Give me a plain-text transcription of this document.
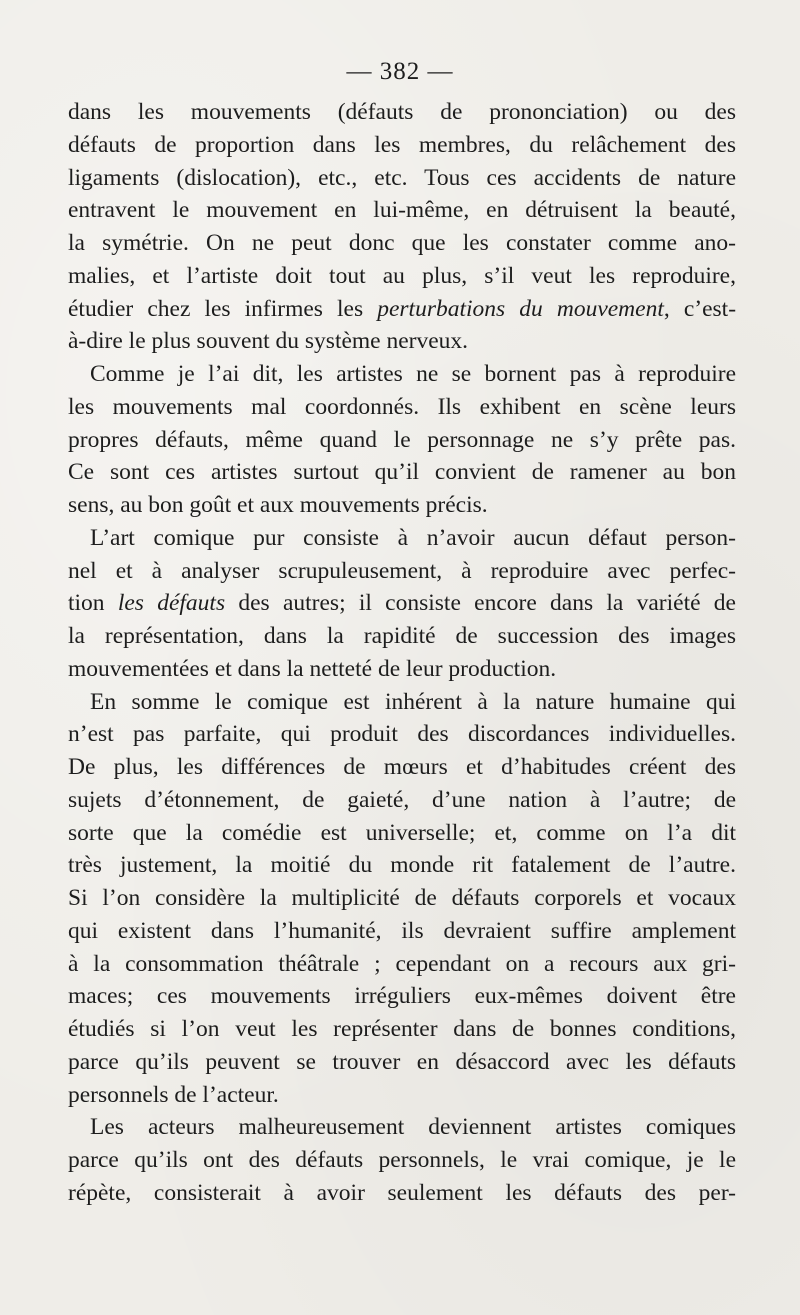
— 382 —
dans les mouvements (défauts de prononciation) ou des
défauts de proportion dans les membres, du relâchement des
ligaments (dislocation), etc., etc. Tous ces accidents de nature
entravent le mouvement en lui-même, en détruisent la beauté,
la symétrie. On ne peut donc que les constater comme ano-
malies, et l’artiste doit tout au plus, s’il veut les reproduire,
étudier chez les infirmes les perturbations du mouvement, c’est-
à-dire le plus souvent du système nerveux.
Comme je l’ai dit, les artistes ne se bornent pas à reproduire
les mouvements mal coordonnés. Ils exhibent en scène leurs
propres défauts, même quand le personnage ne s’y prête pas.
Ce sont ces artistes surtout qu’il convient de ramener au bon
sens, au bon goût et aux mouvements précis.
L’art comique pur consiste à n’avoir aucun défaut person-
nel et à analyser scrupuleusement, à reproduire avec perfec-
tion les défauts des autres; il consiste encore dans la variété de
la représentation, dans la rapidité de succession des images
mouvementées et dans la netteté de leur production.
En somme le comique est inhérent à la nature humaine qui
n’est pas parfaite, qui produit des discordances individuelles.
De plus, les différences de mœurs et d’habitudes créent des
sujets d’étonnement, de gaieté, d’une nation à l’autre; de
sorte que la comédie est universelle; et, comme on l’a dit
très justement, la moitié du monde rit fatalement de l’autre.
Si l’on considère la multiplicité de défauts corporels et vocaux
qui existent dans l’humanité, ils devraient suffire amplement
à la consommation théâtrale ; cependant on a recours aux gri-
maces; ces mouvements irréguliers eux-mêmes doivent être
étudiés si l’on veut les représenter dans de bonnes conditions,
parce qu’ils peuvent se trouver en désaccord avec les défauts
personnels de l’acteur.
Les acteurs malheureusement deviennent artistes comiques
parce qu’ils ont des défauts personnels, le vrai comique, je le
répète, consisterait à avoir seulement les défauts des per-
